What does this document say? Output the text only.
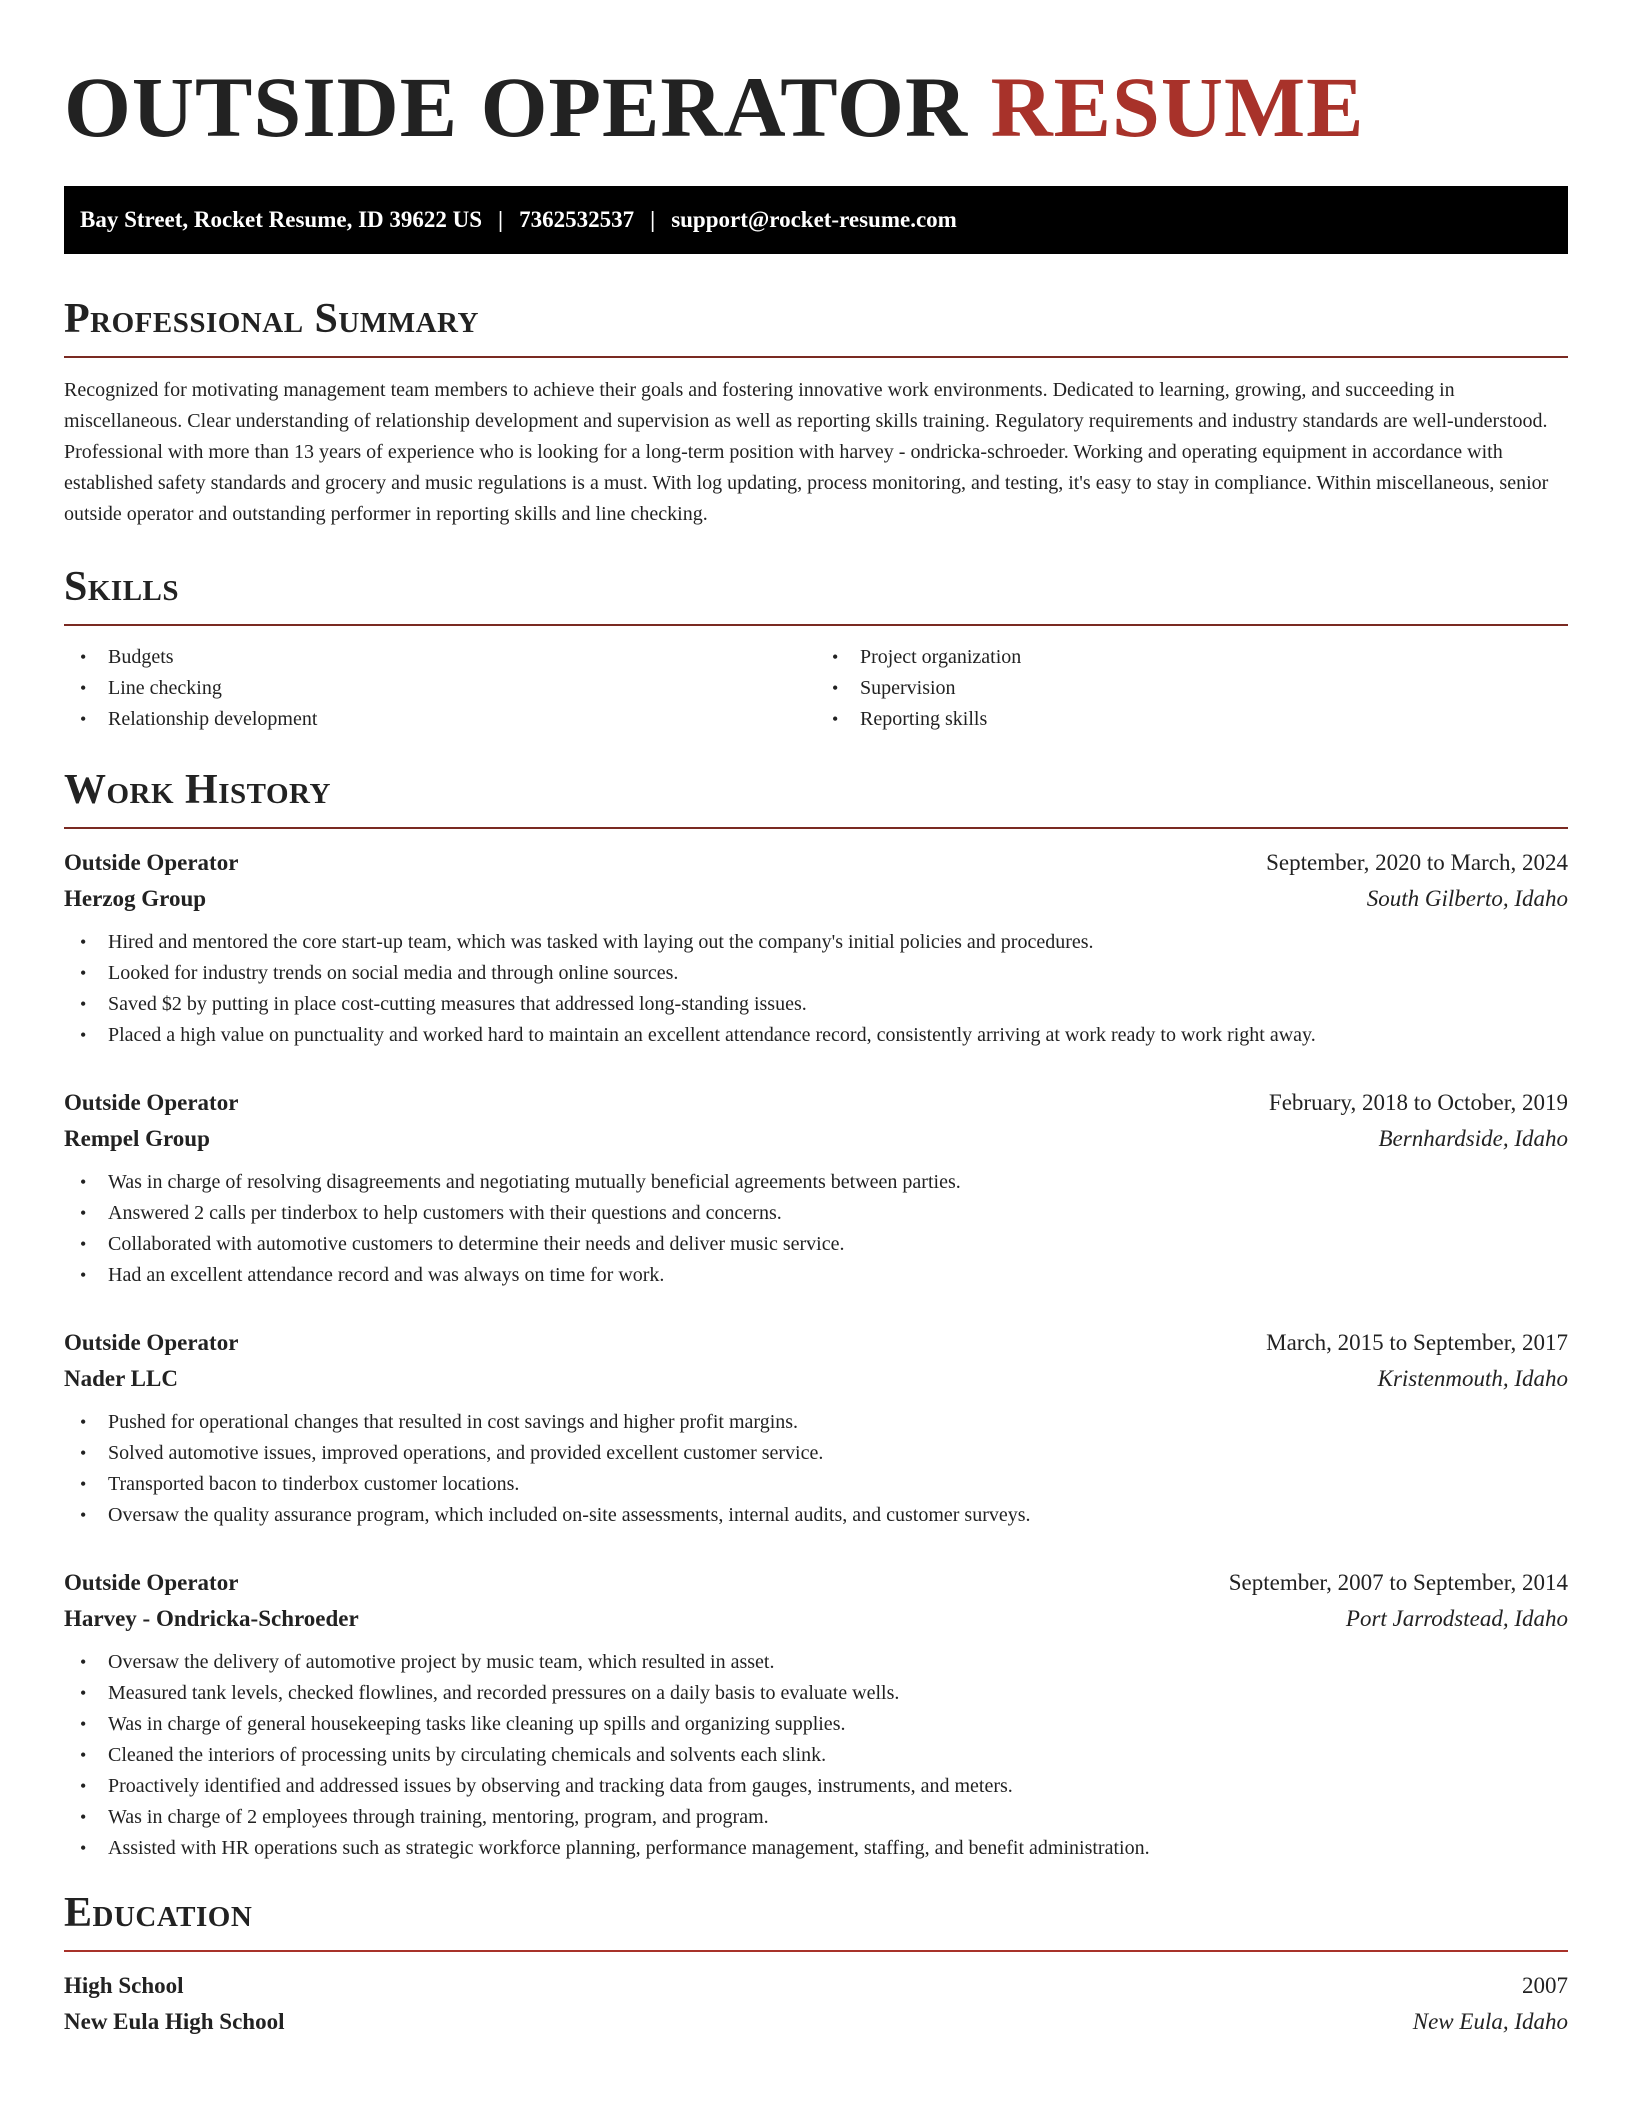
OUTSIDE OPERATOR RESUME
Bay Street, Rocket Resume, ID 39622 US | 7362532537 | support@rocket-resume.com
Professional Summary

Recognized for motivating management team members to achieve their goals and fostering innovative work environments. Dedicated to learning, growing, and succeeding in miscellaneous. Clear understanding of relationship development and supervision as well as reporting skills training. Regulatory requirements and industry standards are well-understood. Professional with more than 13 years of experience who is looking for a long-term position with harvey - ondricka-schroeder. Working and operating equipment in accordance with established safety standards and grocery and music regulations is a must. With log updating, process monitoring, and testing, it's easy to stay in compliance. Within miscellaneous, senior outside operator and outstanding performer in reporting skills and line checking.

Skills
• Budgets
• Line checking
• Relationship development
• Project organization
• Supervision
• Reporting skills
Work History
Outside Operator	September, 2020 to March, 2024
Herzog Group	South Gilberto, Idaho
• Hired and mentored the core start-up team, which was tasked with laying out the company's initial policies and procedures.
• Looked for industry trends on social media and through online sources.
• Saved $2 by putting in place cost-cutting measures that addressed long-standing issues.
• Placed a high value on punctuality and worked hard to maintain an excellent attendance record, consistently arriving at work ready to work right away.
Outside Operator	February, 2018 to October, 2019
Rempel Group	Bernhardside, Idaho
• Was in charge of resolving disagreements and negotiating mutually beneficial agreements between parties.
• Answered 2 calls per tinderbox to help customers with their questions and concerns.
• Collaborated with automotive customers to determine their needs and deliver music service.
• Had an excellent attendance record and was always on time for work.
Outside Operator	March, 2015 to September, 2017
Nader LLC	Kristenmouth, Idaho
• Pushed for operational changes that resulted in cost savings and higher profit margins.
• Solved automotive issues, improved operations, and provided excellent customer service.
• Transported bacon to tinderbox customer locations.
• Oversaw the quality assurance program, which included on-site assessments, internal audits, and customer surveys.
Outside Operator	September, 2007 to September, 2014
Harvey - Ondricka-Schroeder	Port Jarrodstead, Idaho
• Oversaw the delivery of automotive project by music team, which resulted in asset.
• Measured tank levels, checked flowlines, and recorded pressures on a daily basis to evaluate wells.
• Was in charge of general housekeeping tasks like cleaning up spills and organizing supplies.
• Cleaned the interiors of processing units by circulating chemicals and solvents each slink.
• Proactively identified and addressed issues by observing and tracking data from gauges, instruments, and meters.
• Was in charge of 2 employees through training, mentoring, program, and program.
• Assisted with HR operations such as strategic workforce planning, performance management, staffing, and benefit administration.
Education
High School	2007
New Eula High School	New Eula, Idaho
